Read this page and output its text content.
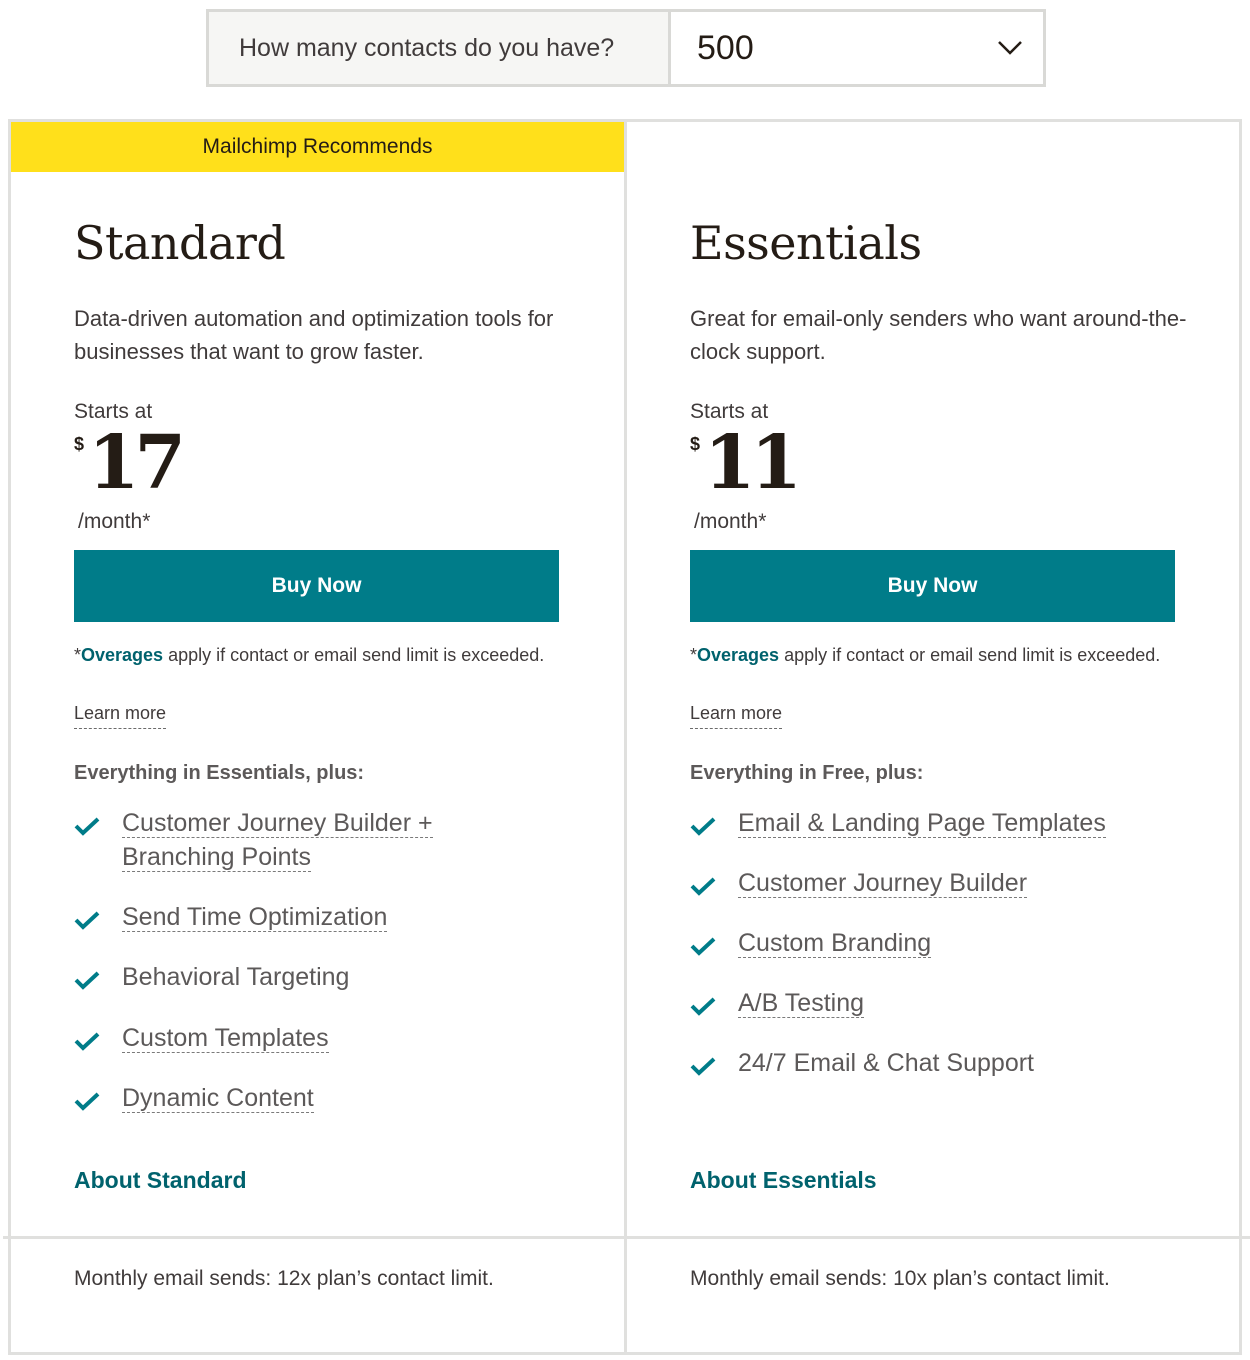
How many contacts do you have?	500
Mailchimp Recommends
Standard
Data-driven automation and optimization tools for businesses that want to grow faster.
Starts at
$ 17
/month*
Buy Now
*Overages apply if contact or email send limit is exceeded.
Learn more
Everything in Essentials, plus:
Customer Journey Builder +
Branching Points
Send Time Optimization
Behavioral Targeting
Custom Templates
Dynamic Content
About Standard
Essentials
Great for email-only senders who want around-the-clock support.
Starts at
$ 11
/month*
Buy Now
*Overages apply if contact or email send limit is exceeded.
Learn more
Everything in Free, plus:
Email & Landing Page Templates
Customer Journey Builder
Custom Branding
A/B Testing
24/7 Email & Chat Support
About Essentials
Monthly email sends: 12x plan’s contact limit.	Monthly email sends: 10x plan’s contact limit.
